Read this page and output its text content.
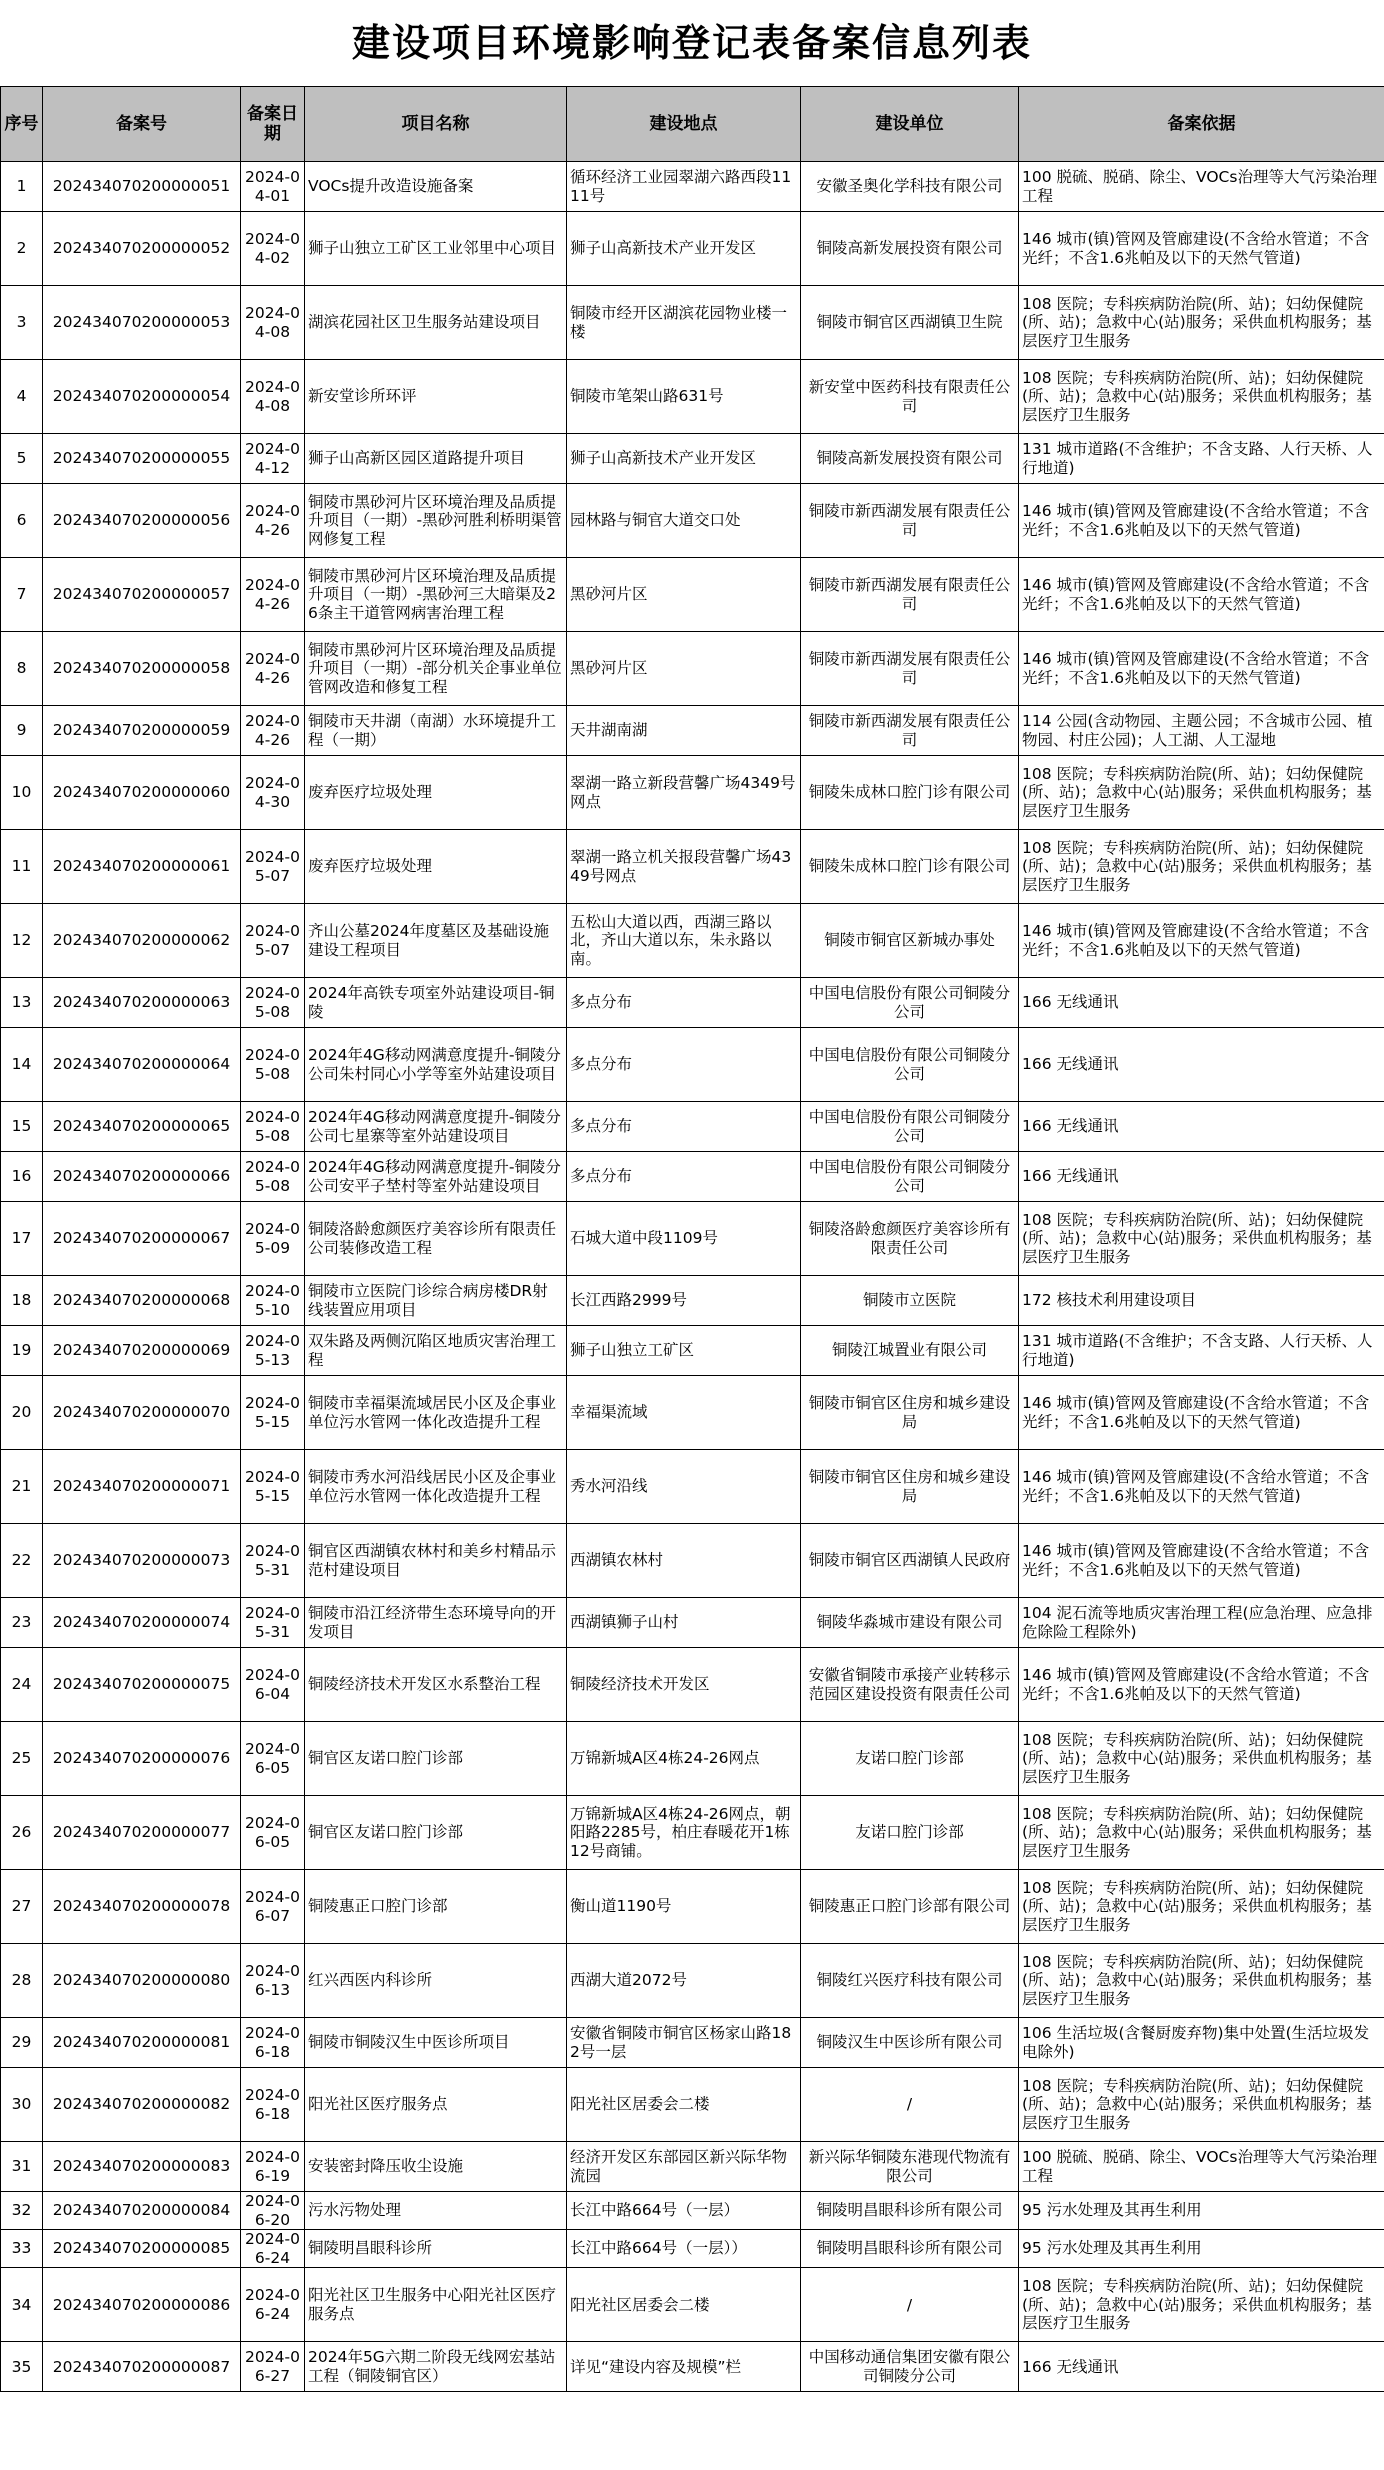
建设项目环境影响登记表备案信息列表
序号	备案号	备案日期	项目名称	建设地点	建设单位	备案依据
1	202434070200000051	2024-04-01	VOCs提升改造设施备案	循环经济工业园翠湖六路西段1111号	安徽圣奥化学科技有限公司	100 脱硫、脱硝、除尘、VOCs治理等大气污染治理工程
2	202434070200000052	2024-04-02	狮子山独立工矿区工业邻里中心项目	狮子山高新技术产业开发区	铜陵高新发展投资有限公司	146 城市(镇)管网及管廊建设(不含给水管道；不含光纤；不含1.6兆帕及以下的天然气管道)
3	202434070200000053	2024-04-08	湖滨花园社区卫生服务站建设项目	铜陵市经开区湖滨花园物业楼一楼	铜陵市铜官区西湖镇卫生院	108 医院；专科疾病防治院(所、站)；妇幼保健院(所、站)；急救中心(站)服务；采供血机构服务；基层医疗卫生服务
4	202434070200000054	2024-04-08	新安堂诊所环评	铜陵市笔架山路631号	新安堂中医药科技有限责任公司	108 医院；专科疾病防治院(所、站)；妇幼保健院(所、站)；急救中心(站)服务；采供血机构服务；基层医疗卫生服务
5	202434070200000055	2024-04-12	狮子山高新区园区道路提升项目	狮子山高新技术产业开发区	铜陵高新发展投资有限公司	131 城市道路(不含维护；不含支路、人行天桥、人行地道)
6	202434070200000056	2024-04-26	铜陵市黑砂河片区环境治理及品质提升项目（一期）-黑砂河胜利桥明渠管网修复工程	园林路与铜官大道交口处	铜陵市新西湖发展有限责任公司	146 城市(镇)管网及管廊建设(不含给水管道；不含光纤；不含1.6兆帕及以下的天然气管道)
7	202434070200000057	2024-04-26	铜陵市黑砂河片区环境治理及品质提升项目（一期）-黑砂河三大暗渠及26条主干道管网病害治理工程	黑砂河片区	铜陵市新西湖发展有限责任公司	146 城市(镇)管网及管廊建设(不含给水管道；不含光纤；不含1.6兆帕及以下的天然气管道)
8	202434070200000058	2024-04-26	铜陵市黑砂河片区环境治理及品质提升项目（一期）-部分机关企事业单位管网改造和修复工程	黑砂河片区	铜陵市新西湖发展有限责任公司	146 城市(镇)管网及管廊建设(不含给水管道；不含光纤；不含1.6兆帕及以下的天然气管道)
9	202434070200000059	2024-04-26	铜陵市天井湖（南湖）水环境提升工程（一期）	天井湖南湖	铜陵市新西湖发展有限责任公司	114 公园(含动物园、主题公园；不含城市公园、植物园、村庄公园)；人工湖、人工湿地
10	202434070200000060	2024-04-30	废弃医疗垃圾处理	翠湖一路立新段营馨广场4349号网点	铜陵朱成林口腔门诊有限公司	108 医院；专科疾病防治院(所、站)；妇幼保健院(所、站)；急救中心(站)服务；采供血机构服务；基层医疗卫生服务
11	202434070200000061	2024-05-07	废弃医疗垃圾处理	翠湖一路立机关报段营馨广场4349号网点	铜陵朱成林口腔门诊有限公司	108 医院；专科疾病防治院(所、站)；妇幼保健院(所、站)；急救中心(站)服务；采供血机构服务；基层医疗卫生服务
12	202434070200000062	2024-05-07	齐山公墓2024年度墓区及基础设施建设工程项目	五松山大道以西，西湖三路以北，齐山大道以东，朱永路以南。	铜陵市铜官区新城办事处	146 城市(镇)管网及管廊建设(不含给水管道；不含光纤；不含1.6兆帕及以下的天然气管道)
13	202434070200000063	2024-05-08	2024年高铁专项室外站建设项目-铜陵	多点分布	中国电信股份有限公司铜陵分公司	166 无线通讯
14	202434070200000064	2024-05-08	2024年4G移动网满意度提升-铜陵分公司朱村同心小学等室外站建设项目	多点分布	中国电信股份有限公司铜陵分公司	166 无线通讯
15	202434070200000065	2024-05-08	2024年4G移动网满意度提升-铜陵分公司七星寨等室外站建设项目	多点分布	中国电信股份有限公司铜陵分公司	166 无线通讯
16	202434070200000066	2024-05-08	2024年4G移动网满意度提升-铜陵分公司安平子埜村等室外站建设项目	多点分布	中国电信股份有限公司铜陵分公司	166 无线通讯
17	202434070200000067	2024-05-09	铜陵洛龄愈颜医疗美容诊所有限责任公司装修改造工程	石城大道中段1109号	铜陵洛龄愈颜医疗美容诊所有限责任公司	108 医院；专科疾病防治院(所、站)；妇幼保健院(所、站)；急救中心(站)服务；采供血机构服务；基层医疗卫生服务
18	202434070200000068	2024-05-10	铜陵市立医院门诊综合病房楼DR射线装置应用项目	长江西路2999号	铜陵市立医院	172 核技术利用建设项目
19	202434070200000069	2024-05-13	双朱路及两侧沉陷区地质灾害治理工程	狮子山独立工矿区	铜陵江城置业有限公司	131 城市道路(不含维护；不含支路、人行天桥、人行地道)
20	202434070200000070	2024-05-15	铜陵市幸福渠流域居民小区及企事业单位污水管网一体化改造提升工程	幸福渠流域	铜陵市铜官区住房和城乡建设局	146 城市(镇)管网及管廊建设(不含给水管道；不含光纤；不含1.6兆帕及以下的天然气管道)
21	202434070200000071	2024-05-15	铜陵市秀水河沿线居民小区及企事业单位污水管网一体化改造提升工程	秀水河沿线	铜陵市铜官区住房和城乡建设局	146 城市(镇)管网及管廊建设(不含给水管道；不含光纤；不含1.6兆帕及以下的天然气管道)
22	202434070200000073	2024-05-31	铜官区西湖镇农林村和美乡村精品示范村建设项目	西湖镇农林村	铜陵市铜官区西湖镇人民政府	146 城市(镇)管网及管廊建设(不含给水管道；不含光纤；不含1.6兆帕及以下的天然气管道)
23	202434070200000074	2024-05-31	铜陵市沿江经济带生态环境导向的开发项目	西湖镇狮子山村	铜陵华淼城市建设有限公司	104 泥石流等地质灾害治理工程(应急治理、应急排危除险工程除外)
24	202434070200000075	2024-06-04	铜陵经济技术开发区水系整治工程	铜陵经济技术开发区	安徽省铜陵市承接产业转移示范园区建设投资有限责任公司	146 城市(镇)管网及管廊建设(不含给水管道；不含光纤；不含1.6兆帕及以下的天然气管道)
25	202434070200000076	2024-06-05	铜官区友诺口腔门诊部	万锦新城A区4栋24-26网点	友诺口腔门诊部	108 医院；专科疾病防治院(所、站)；妇幼保健院(所、站)；急救中心(站)服务；采供血机构服务；基层医疗卫生服务
26	202434070200000077	2024-06-05	铜官区友诺口腔门诊部	万锦新城A区4栋24-26网点，朝阳路2285号，柏庄春暖花开1栋12号商铺。	友诺口腔门诊部	108 医院；专科疾病防治院(所、站)；妇幼保健院(所、站)；急救中心(站)服务；采供血机构服务；基层医疗卫生服务
27	202434070200000078	2024-06-07	铜陵惠正口腔门诊部	衡山道1190号	铜陵惠正口腔门诊部有限公司	108 医院；专科疾病防治院(所、站)；妇幼保健院(所、站)；急救中心(站)服务；采供血机构服务；基层医疗卫生服务
28	202434070200000080	2024-06-13	红兴西医内科诊所	西湖大道2072号	铜陵红兴医疗科技有限公司	108 医院；专科疾病防治院(所、站)；妇幼保健院(所、站)；急救中心(站)服务；采供血机构服务；基层医疗卫生服务
29	202434070200000081	2024-06-18	铜陵市铜陵汉生中医诊所项目	安徽省铜陵市铜官区杨家山路182号一层	铜陵汉生中医诊所有限公司	106 生活垃圾(含餐厨废弃物)集中处置(生活垃圾发电除外)
30	202434070200000082	2024-06-18	阳光社区医疗服务点	阳光社区居委会二楼	/	108 医院；专科疾病防治院(所、站)；妇幼保健院(所、站)；急救中心(站)服务；采供血机构服务；基层医疗卫生服务
31	202434070200000083	2024-06-19	安装密封降压收尘设施	经济开发区东部园区新兴际华物流园	新兴际华铜陵东港现代物流有限公司	100 脱硫、脱硝、除尘、VOCs治理等大气污染治理工程
32	202434070200000084	2024-06-20	污水污物处理	长江中路664号（一层）	铜陵明昌眼科诊所有限公司	95 污水处理及其再生利用
33	202434070200000085	2024-06-24	铜陵明昌眼科诊所	长江中路664号（一层））	铜陵明昌眼科诊所有限公司	95 污水处理及其再生利用
34	202434070200000086	2024-06-24	阳光社区卫生服务中心阳光社区医疗服务点	阳光社区居委会二楼	/	108 医院；专科疾病防治院(所、站)；妇幼保健院(所、站)；急救中心(站)服务；采供血机构服务；基层医疗卫生服务
35	202434070200000087	2024-06-27	2024年5G六期二阶段无线网宏基站工程（铜陵铜官区）	详见“建设内容及规模”栏	中国移动通信集团安徽有限公司铜陵分公司	166 无线通讯
